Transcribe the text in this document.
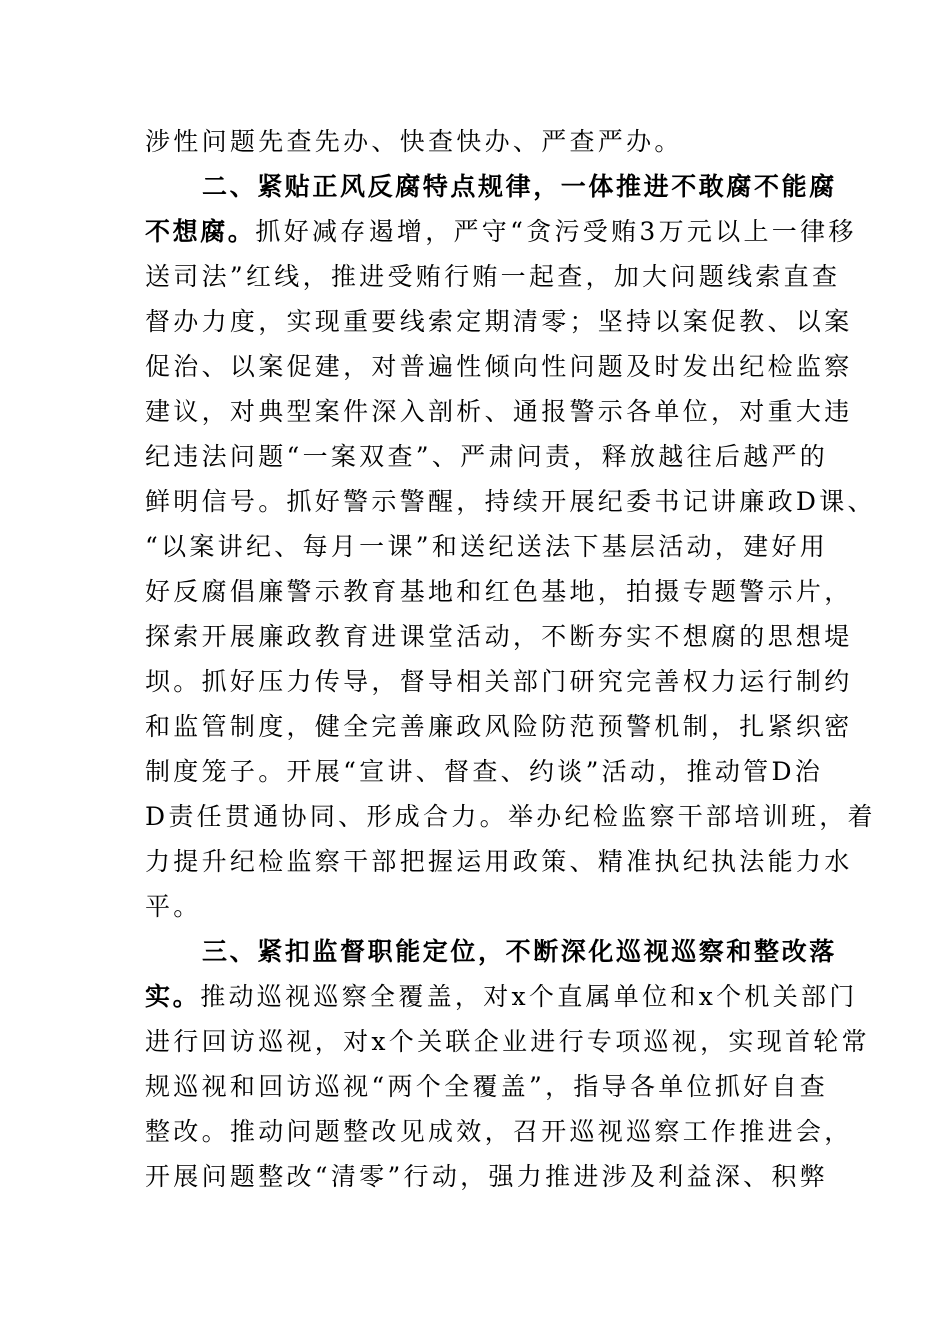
涉性问题先查先办、快查快办、严查严办。
二、紧贴正风反腐特点规律，一体推进不敢腐不能腐
不想腐。抓好减存遏增，严守“贪污受贿3万元以上一律移
送司法”红线，推进受贿行贿一起查，加大问题线索直查
督办力度，实现重要线索定期清零；坚持以案促教、以案
促治、以案促建，对普遍性倾向性问题及时发出纪检监察
建议，对典型案件深入剖析、通报警示各单位，对重大违
纪违法问题“一案双查”、严肃问责，释放越往后越严的
鲜明信号。抓好警示警醒，持续开展纪委书记讲廉政D课、
“以案讲纪、每月一课”和送纪送法下基层活动，建好用
好反腐倡廉警示教育基地和红色基地，拍摄专题警示片，
探索开展廉政教育进课堂活动，不断夯实不想腐的思想堤
坝。抓好压力传导，督导相关部门研究完善权力运行制约
和监管制度，健全完善廉政风险防范预警机制，扎紧织密
制度笼子。开展“宣讲、督查、约谈”活动，推动管D治
D责任贯通协同、形成合力。举办纪检监察干部培训班，着
力提升纪检监察干部把握运用政策、精准执纪执法能力水
平。
三、紧扣监督职能定位，不断深化巡视巡察和整改落
实。推动巡视巡察全覆盖，对x个直属单位和x个机关部门
进行回访巡视，对x个关联企业进行专项巡视，实现首轮常
规巡视和回访巡视“两个全覆盖”，指导各单位抓好自查
整改。推动问题整改见成效，召开巡视巡察工作推进会，
开展问题整改“清零”行动，强力推进涉及利益深、积弊
